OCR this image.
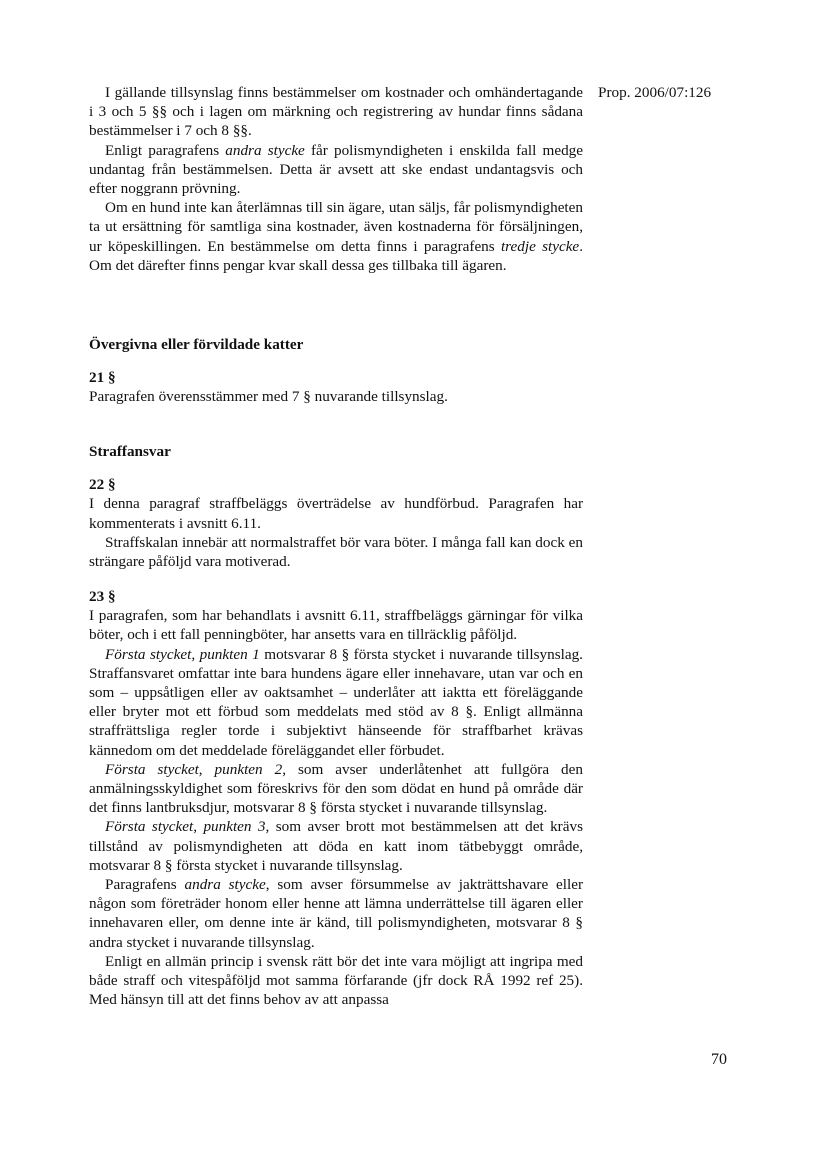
Prop. 2006/07:126

I gällande tillsynslag finns bestämmelser om kostnader och omhändertagande i 3 och 5 §§ och i lagen om märkning och registrering av hundar finns sådana bestämmelser i 7 och 8 §§.

Enligt paragrafens andra stycke får polismyndigheten i enskilda fall medge undantag från bestämmelsen. Detta är avsett att ske endast undantagsvis och efter noggrann prövning.

Om en hund inte kan återlämnas till sin ägare, utan säljs, får polismyndigheten ta ut ersättning för samtliga sina kostnader, även kostnaderna för försäljningen, ur köpeskillingen. En bestämmelse om detta finns i paragrafens tredje stycke. Om det därefter finns pengar kvar skall dessa ges tillbaka till ägaren.

Övergivna eller förvildade katter

21 §

Paragrafen överensstämmer med 7 § nuvarande tillsynslag.

Straffansvar

22 §

I denna paragraf straffbeläggs överträdelse av hundförbud. Paragrafen har kommenterats i avsnitt 6.11.

Straffskalan innebär att normalstraffet bör vara böter. I många fall kan dock en strängare påföljd vara motiverad.

23 §

I paragrafen, som har behandlats i avsnitt 6.11, straffbeläggs gärningar för vilka böter, och i ett fall penningböter, har ansetts vara en tillräcklig påföljd.

Första stycket, punkten 1 motsvarar 8 § första stycket i nuvarande tillsynslag. Straffansvaret omfattar inte bara hundens ägare eller innehavare, utan var och en som – uppsåtligen eller av oaktsamhet – underlåter att iakttа ett föreläggande eller bryter mot ett förbud som meddelats med stöd av 8 §. Enligt allmänna straffrättsliga regler torde i subjektivt hänseende för straffbarhet krävas kännedom om det meddelade föreläggandet eller förbudet.

Första stycket, punkten 2, som avser underlåtenhet att fullgöra den anmälningsskyldighet som föreskrivs för den som dödat en hund på område där det finns lantbruksdjur, motsvarar 8 § första stycket i nuvarande tillsynslag.

Första stycket, punkten 3, som avser brott mot bestämmelsen att det krävs tillstånd av polismyndigheten att döda en katt inom tätbebyggt område, motsvarar 8 § första stycket i nuvarande tillsynslag.

Paragrafens andra stycke, som avser försummelse av jakträttshavare eller någon som företräder honom eller henne att lämna underrättelse till ägaren eller innehavaren eller, om denne inte är känd, till polismyndigheten, motsvarar 8 § andra stycket i nuvarande tillsynslag.

Enligt en allmän princip i svensk rätt bör det inte vara möjligt att ingripa med både straff och vitespåföljd mot samma förfarande (jfr dock RÅ 1992 ref 25). Med hänsyn till att det finns behov av att anpassa

70
